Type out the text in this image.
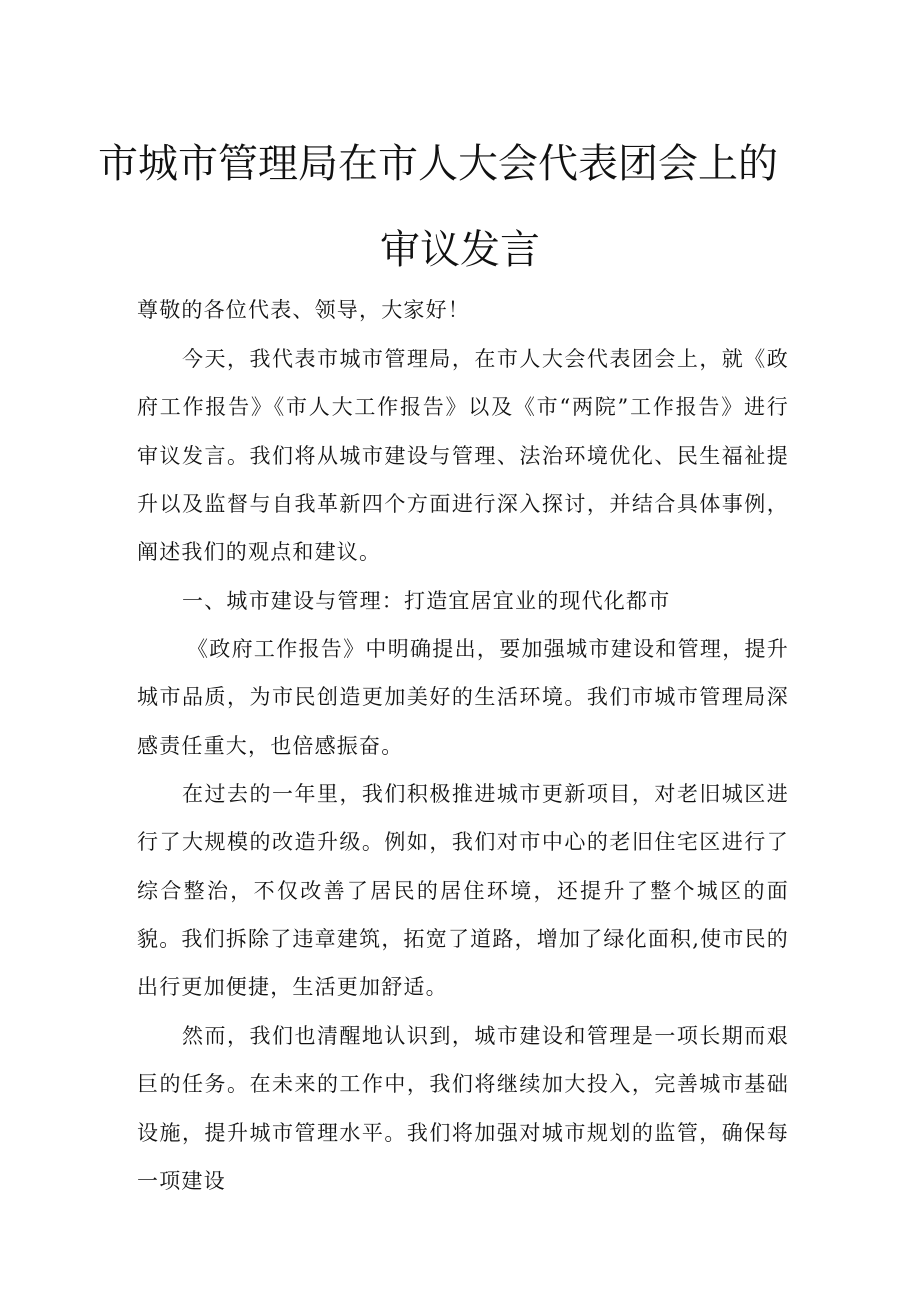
市城市管理局在市人大会代表团会上的
审议发言

尊敬的各位代表、领导，大家好！

今天，我代表市城市管理局，在市人大会代表团会上，就《政府工作报告》《市人大工作报告》以及《市“两院”工作报告》进行审议发言。我们将从城市建设与管理、法治环境优化、民生福祉提升以及监督与自我革新四个方面进行深入探讨，并结合具体事例，阐述我们的观点和建议。

一、城市建设与管理：打造宜居宜业的现代化都市

《政府工作报告》中明确提出，要加强城市建设和管理，提升城市品质，为市民创造更加美好的生活环境。我们市城市管理局深感责任重大，也倍感振奋。

在过去的一年里，我们积极推进城市更新项目，对老旧城区进行了大规模的改造升级。例如，我们对市中心的老旧住宅区进行了综合整治，不仅改善了居民的居住环境，还提升了整个城区的面貌。我们拆除了违章建筑，拓宽了道路，增加了绿化面积,使市民的出行更加便捷，生活更加舒适。

然而，我们也清醒地认识到，城市建设和管理是一项长期而艰巨的任务。在未来的工作中，我们将继续加大投入，完善城市基础设施，提升城市管理水平。我们将加强对城市规划的监管，确保每一项建设
